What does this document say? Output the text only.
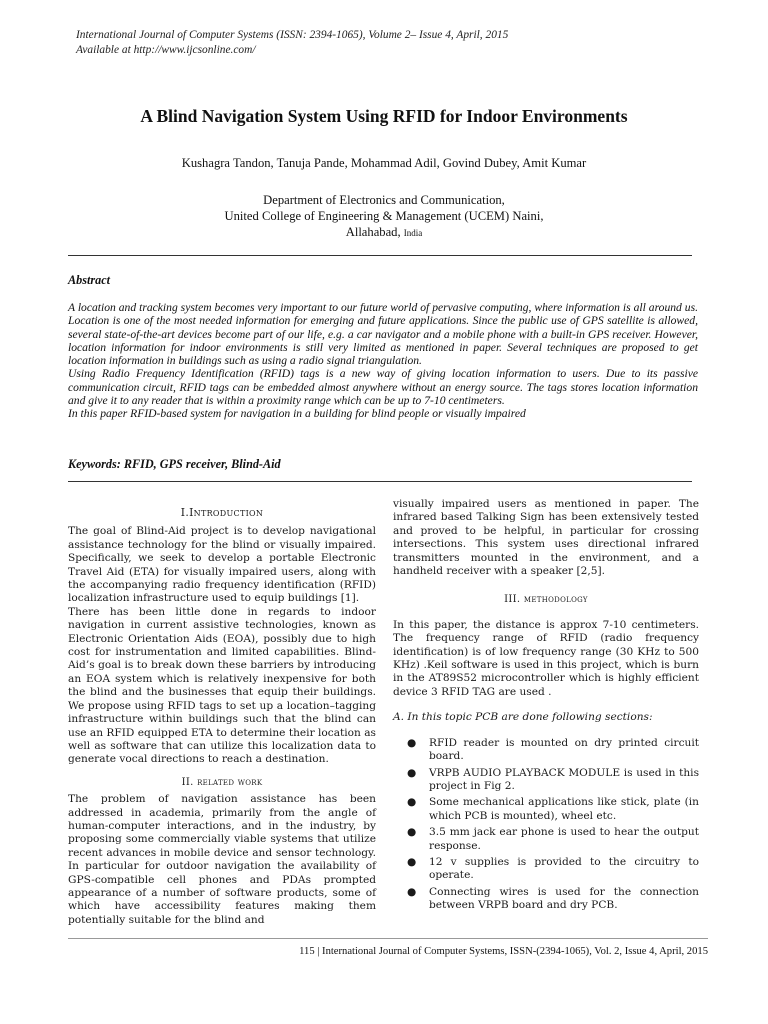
International Journal of Computer Systems (ISSN: 2394-1065), Volume 2– Issue 4, April, 2015
Available at http://www.ijcsonline.com/
A Blind Navigation System Using RFID for Indoor Environments
Kushagra Tandon, Tanuja Pande, Mohammad Adil, Govind Dubey, Amit Kumar
Department of Electronics and Communication,
United College of Engineering & Management (UCEM) Naini,
Allahabad, India
Abstract

A location and tracking system becomes very important to our future world of pervasive computing, where information is all around us. Location is one of the most needed information for emerging and future applications. Since the public use of GPS satellite is allowed, several state-of-the-art devices become part of our life, e.g. a car navigator and a mobile phone with a built-in GPS receiver. However, location information for indoor environments is still very limited as mentioned in paper. Several techniques are proposed to get location information in buildings such as using a radio signal triangulation.

Using Radio Frequency Identification (RFID) tags is a new way of giving location information to users. Due to its passive communication circuit, RFID tags can be embedded almost anywhere without an energy source. The tags stores location information and give it to any reader that is within a proximity range which can be up to 7-10 centimeters.

In this paper RFID-based system for navigation in a building for blind people or visually impaired

Keywords: RFID, GPS receiver, Blind-Aid
I.Introduction

The goal of Blind-Aid project is to develop navigational assistance technology for the blind or visually impaired. Specifically, we seek to develop a portable Electronic Travel Aid (ETA) for visually impaired users, along with the accompanying radio frequency identification (RFID) localization infrastructure used to equip buildings [1].

There has been little done in regards to indoor navigation in current assistive technologies, known as Electronic Orientation Aids (EOA), possibly due to high cost for instrumentation and limited capabilities. Blind-Aid’s goal is to break down these barriers by introducing an EOA system which is relatively inexpensive for both the blind and the businesses that equip their buildings. We propose using RFID tags to set up a location–tagging infrastructure within buildings such that the blind can use an RFID equipped ETA to determine their location as well as software that can utilize this localization data to generate vocal directions to reach a destination.

II. related work

The problem of navigation assistance has been addressed in academia, primarily from the angle of human-computer interactions, and in the industry, by proposing some commercially viable systems that utilize recent advances in mobile device and sensor technology. In particular for outdoor navigation the availability of GPS-compatible cell phones and PDAs prompted appearance of a number of software products, some of which have accessibility features making them potentially suitable for the blind and

visually impaired users as mentioned in paper. The infrared based Talking Sign has been extensively tested and proved to be helpful, in particular for crossing intersections. This system uses directional infrared transmitters mounted in the environment, and a handheld receiver with a speaker [2,5].

III. methodology

In this paper, the distance is approx 7-10 centimeters. The frequency range of RFID (radio frequency identification) is of low frequency range (30 KHz to 500 KHz) .Keil software is used in this project, which is burn in the AT89S52 microcontroller which is highly efficient device 3 RFID TAG are used .

A. In this topic PCB are done following sections:

● RFID reader is mounted on dry printed circuit board.
● VRPB AUDIO PLAYBACK MODULE is used in this project in Fig 2.
● Some mechanical applications like stick, plate (in which PCB is mounted), wheel etc.
● 3.5 mm jack ear phone is used to hear the output response.
● 12 v supplies is provided to the circuitry to operate.
● Connecting wires is used for the connection between VRPB board and dry PCB.
115 | International Journal of Computer Systems, ISSN-(2394-1065), Vol. 2, Issue 4, April, 2015
